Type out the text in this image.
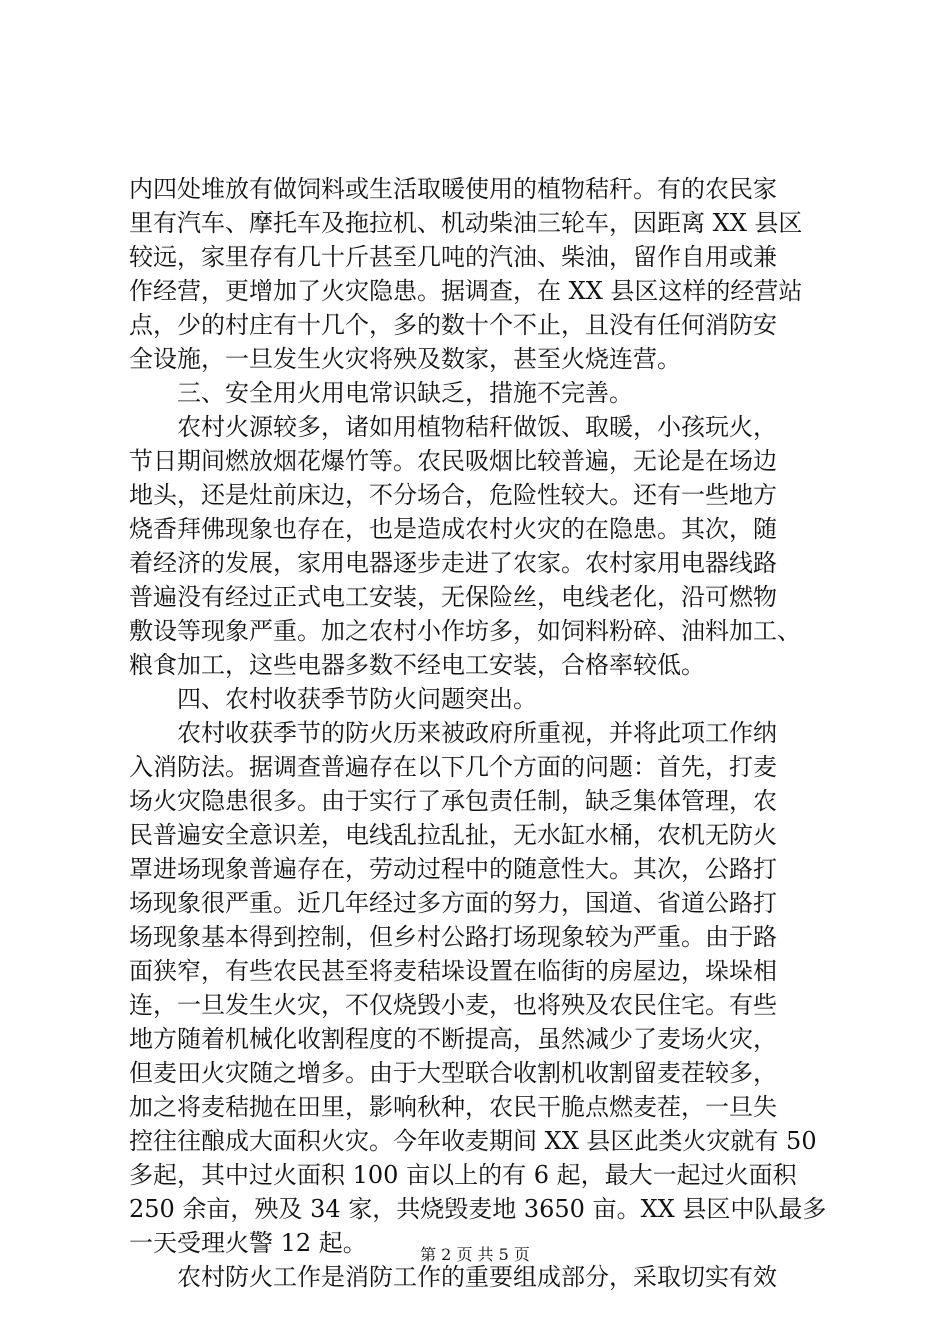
内四处堆放有做饲料或生活取暖使用的植物秸秆。有的农民家
里有汽车、摩托车及拖拉机、机动柴油三轮车，因距离 XX 县区
较远，家里存有几十斤甚至几吨的汽油、柴油，留作自用或兼
作经营，更增加了火灾隐患。据调查，在 XX 县区这样的经营站
点，少的村庄有十几个，多的数十个不止，且没有任何消防安
全设施，一旦发生火灾将殃及数家，甚至火烧连营。
三、安全用火用电常识缺乏，措施不完善。
农村火源较多，诸如用植物秸秆做饭、取暖，小孩玩火，
节日期间燃放烟花爆竹等。农民吸烟比较普遍，无论是在场边
地头，还是灶前床边，不分场合，危险性较大。还有一些地方
烧香拜佛现象也存在，也是造成农村火灾的在隐患。其次，随
着经济的发展，家用电器逐步走进了农家。农村家用电器线路
普遍没有经过正式电工安装，无保险丝，电线老化，沿可燃物
敷设等现象严重。加之农村小作坊多，如饲料粉碎、油料加工、
粮食加工，这些电器多数不经电工安装，合格率较低。
四、农村收获季节防火问题突出。
农村收获季节的防火历来被政府所重视，并将此项工作纳
入消防法。据调查普遍存在以下几个方面的问题：首先，打麦
场火灾隐患很多。由于实行了承包责任制，缺乏集体管理，农
民普遍安全意识差，电线乱拉乱扯，无水缸水桶，农机无防火
罩进场现象普遍存在，劳动过程中的随意性大。其次，公路打
场现象很严重。近几年经过多方面的努力，国道、省道公路打
场现象基本得到控制，但乡村公路打场现象较为严重。由于路
面狭窄，有些农民甚至将麦秸垛设置在临街的房屋边，垛垛相
连，一旦发生火灾，不仅烧毁小麦，也将殃及农民住宅。有些
地方随着机械化收割程度的不断提高，虽然减少了麦场火灾，
但麦田火灾随之增多。由于大型联合收割机收割留麦茬较多，
加之将麦秸抛在田里，影响秋种，农民干脆点燃麦茬，一旦失
控往往酿成大面积火灾。今年收麦期间 XX 县区此类火灾就有 50
多起，其中过火面积 100 亩以上的有 6 起，最大一起过火面积
250 余亩，殃及 34 家，共烧毁麦地 3650 亩。XX 县区中队最多
一天受理火警 12 起。
农村防火工作是消防工作的重要组成部分，采取切实有效
第 2 页 共 5 页
